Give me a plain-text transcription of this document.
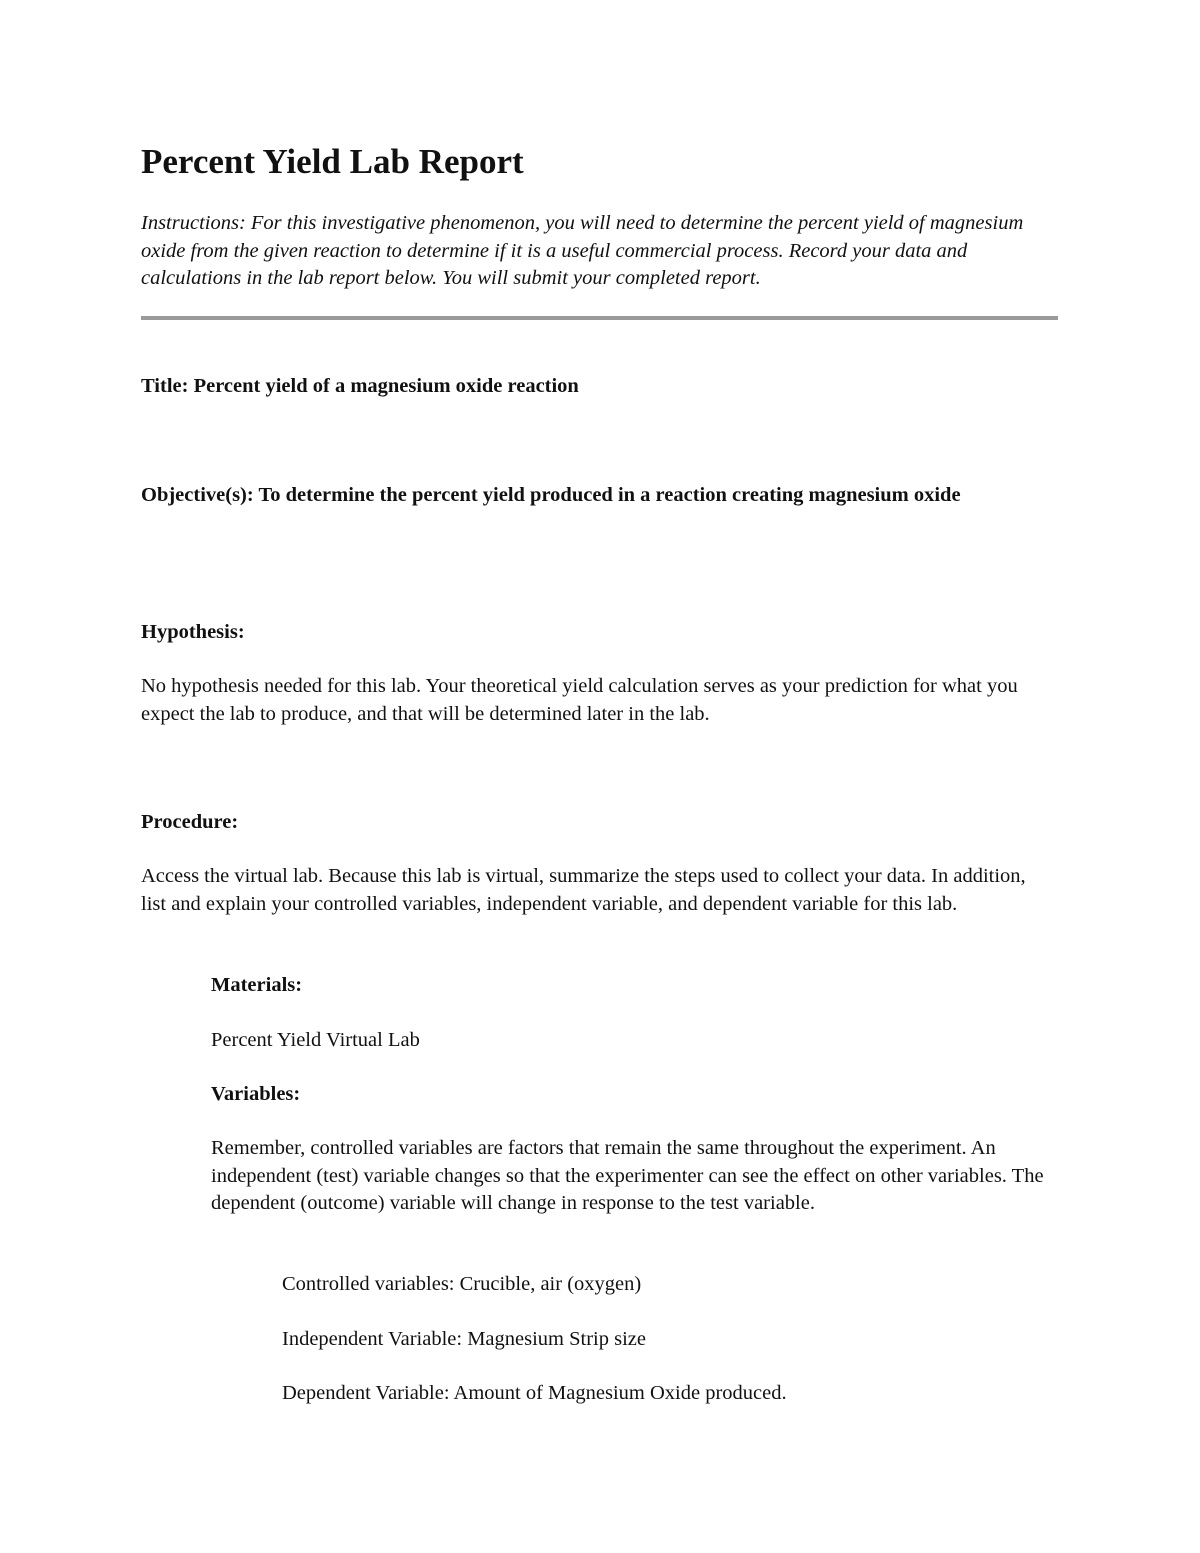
Percent Yield Lab Report

Instructions: For this investigative phenomenon, you will need to determine the percent yield of magnesium oxide from the given reaction to determine if it is a useful commercial process. Record your data and calculations in the lab report below. You will submit your completed report.

Title: Percent yield of a magnesium oxide reaction

Objective(s): To determine the percent yield produced in a reaction creating magnesium oxide

Hypothesis:

No hypothesis needed for this lab. Your theoretical yield calculation serves as your prediction for what you expect the lab to produce, and that will be determined later in the lab.

Procedure:

Access the virtual lab. Because this lab is virtual, summarize the steps used to collect your data. In addition, list and explain your controlled variables, independent variable, and dependent variable for this lab.

Materials:

Percent Yield Virtual Lab

Variables:

Remember, controlled variables are factors that remain the same throughout the experiment. An independent (test) variable changes so that the experimenter can see the effect on other variables. The dependent (outcome) variable will change in response to the test variable.

Controlled variables: Crucible, air (oxygen)

Independent Variable: Magnesium Strip size

Dependent Variable: Amount of Magnesium Oxide produced.
